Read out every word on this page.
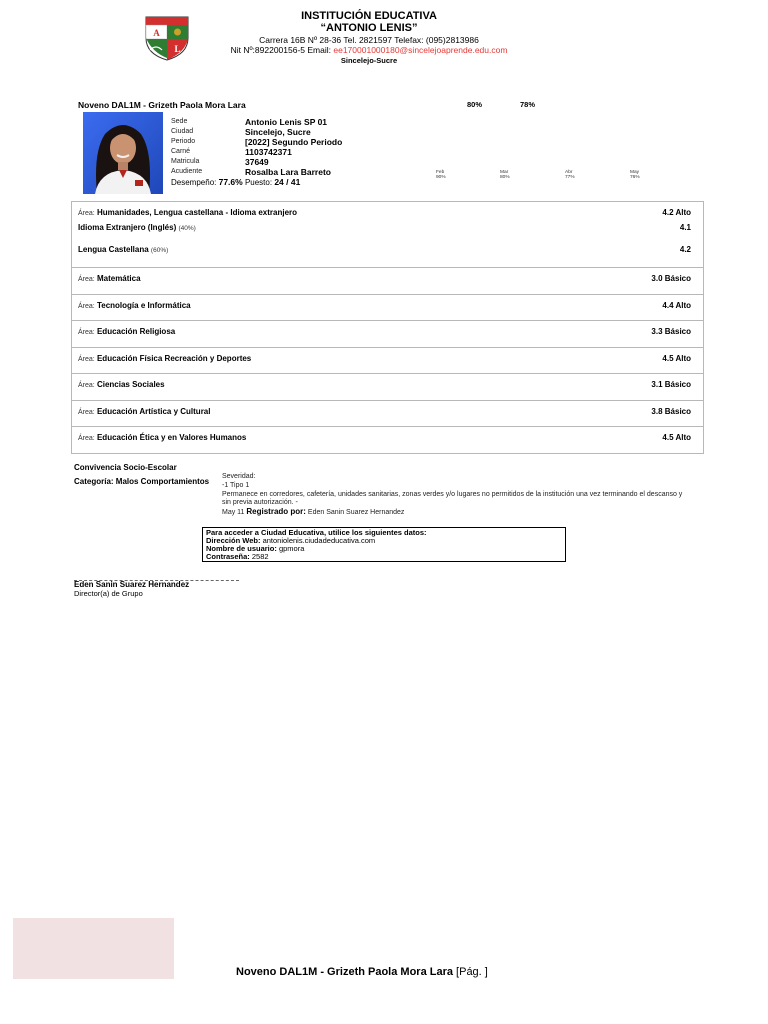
A
L
INSTITUCIÓN EDUCATIVA
“ANTONIO LENIS”
Carrera 16B Nº 28-36 Tel. 2821597 Telefax: (095)2813986
Nit Nº:892200156-5 Email: ee170001000180@sincelejoaprende.edu.com
Sincelejo-Sucre
Noveno DAL1M - Grizeth Paola Mora Lara	80%	78%
Sede	Antonio Lenis SP 01
Ciudad	Sincelejo, Sucre
Periodo	[2022] Segundo Periodo
Carné	1103742371
Matricula	37649
Acudiente	Rosalba Lara Barreto
Desempeño: 77.6% Puesto: 24 / 41
Feb
90%
Mar
80%
Abr
77%
May
76%
Área: Humanidades, Lengua castellana - Idioma extranjero	4.2 Alto
Idioma Extranjero (Inglés) (40%)	4.1
Lengua Castellana (60%)	4.2
Área: Matemática	3.0 Básico
Área: Tecnología e Informática	4.4 Alto
Área: Educación Religiosa	3.3 Básico
Área: Educación Física Recreación y Deportes	4.5 Alto
Área: Ciencias Sociales	3.1 Básico
Área: Educación Artística y Cultural	3.8 Básico
Área: Educación Ética y en Valores Humanos	4.5 Alto
Convivencia Socio-Escolar
Categoría: Malos Comportamientos
Severidad:
-1 Tipo 1
Permanece en corredores, cafetería, unidades sanitarias, zonas verdes y/o lugares no permitidos de la institución una vez terminando el descanso y sin previa autorización. -
May 11 Registrado por: Eden Sanin Suarez Hernandez
Para acceder a Ciudad Educativa, utilice los siguientes datos:
Dirección Web: antoniolenis.ciudadeducativa.com
Nombre de usuario: gpmora
Contraseña: 2582
Eden Sanin Suarez Hernandez
Director(a) de Grupo
Noveno DAL1M - Grizeth Paola Mora Lara [Pág. ]
